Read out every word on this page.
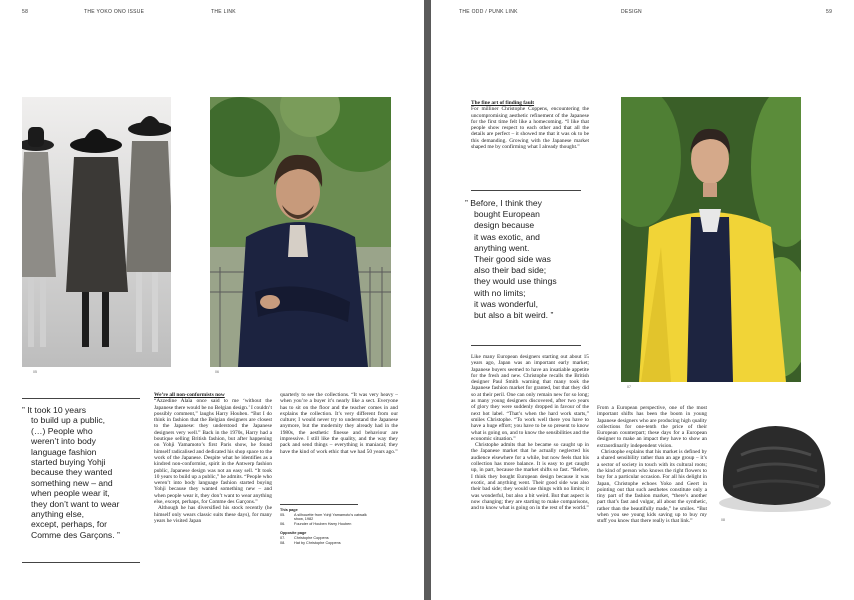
58	THE YOKO ONO ISSUE	THE LINK
05	06

” It took 10 years

to build up a public,

(…) People who

weren’t into body

language fashion

started buying Yohji

because they wanted

something new – and

when people wear it,

they don’t want to wear

anything else,

except, perhaps, for

Comme des Garçons. ”

We’re all non-conformists now

“Azzedine Alaïa once said to me ‘without the Japanese there would be no Belgian design.’ I couldn’t possibly comment,” laughs Harry Houben. “But I do think in fashion that the Belgian designers are closest to the Japanese: they understood the Japanese designers very well.” Back in the 1970s, Harry had a boutique selling British fashion, but after happening on Yohji Yamamoto’s first Paris show, he found himself radicalised and dedicated his shop space to the work of the Japanese. Despite what he identifies as a kindred non-conformist, spirit in the Antwerp fashion public, Japanese design was not an easy sell. “It took 10 years to build up a public,” he admits. “People who weren’t into body language fashion started buying Yohji because they wanted something new – and when people wear it, they don’t want to wear anything else, except, perhaps, for Comme des Garçons.”

Although he has diversified his stock recently (he himself only wears classic suits these days), for many years he visited Japan

quarterly to see the collections. “It was very heavy – when you’re a buyer it’s nearly like a sect. Everyone has to sit on the floor and the teacher comes in and explains the collection. It’s very different from our culture; I would never try to understand the Japanese anymore, but the modernity they already had in the 1980s, the aesthetic finesse and behaviour are impressive. I still like the quality, and the way they pack and send things – everything is maniacal; they have the kind of work ethic that we had 50 years ago.”

This page
05.	A silhouette from Yohji Yamamoto’s catwalk show, 1982
06.	Founder of Houben Harry Houben
Opposite page
07.	Christophe Coppens
08.	Hat by Christophe Coppens
THE ODD / PUNK LINK	DESIGN	59
The fine art of finding fault

For milliner Christophe Coppens, encountering the uncompromising aesthetic refinement of the Japanese for the first time felt like a homecoming. “I like that people show respect to each other and that all the details are perfect – it showed me that it was ok to be this demanding. Growing with the Japanese market shaped me by confirming what I already thought.”

” Before, I think they

bought European

design because

it was exotic, and

anything went.

Their good side was

also their bad side;

they would use things

with no limits;

it was wonderful,

but also a bit weird. ”

07
08

Like many European designers starting out about 15 years ago, Japan was an important early market; Japanese buyers seemed to have an insatiable appetite for the fresh and new. Christophe recalls the British designer Paul Smith warning that many took the Japanese fashion market for granted, but that they did so at their peril. One can only remain new for so long; as many young designers discovered, after two years of glory they were suddenly dropped in favour of the next hot label. “That’s when the hard work starts,” smiles Christophe. “To work well there you have to have a huge effort; you have to be so present to know what is going on, and to know the sensibilities and the economic situation.”

Christophe admits that he became so caught up in the Japanese market that he actually neglected his audience elsewhere for a while, but now feels that his collection has more balance. It is easy to get caught up, in part, because the market shifts so fast. “Before, I think they bought European design because it was exotic, and anything went. Their good side was also their bad side; they would use things with no limits; it was wonderful, but also a bit weird. But that aspect is now changing; they are starting to make comparisons, and to know what is going on in the rest of the world.”

From a European perspective, one of the most important shifts has been the boom in young Japanese designers who are producing high quality collections for one-tenth the price of their European counterpart; these days for a European designer to make an impact they have to show an extraordinarily independent vision.

Christophe explains that his market is defined by a shared sensibility rather than an age group – it’s a sector of society in touch with its cultural roots; the kind of person who knows the right flowers to buy for a particular occasion. For all his delight in Japan, Christophe echoes Yoko and Geert in pointing out that such aesthetes constitute only a tiny part of the fashion market, “there’s another part that’s fast and vulgar, all about the synthetic, rather than the beautifully made,” he smiles. “But when you see young kids saving up to buy my stuff you know that there really is that link.”
